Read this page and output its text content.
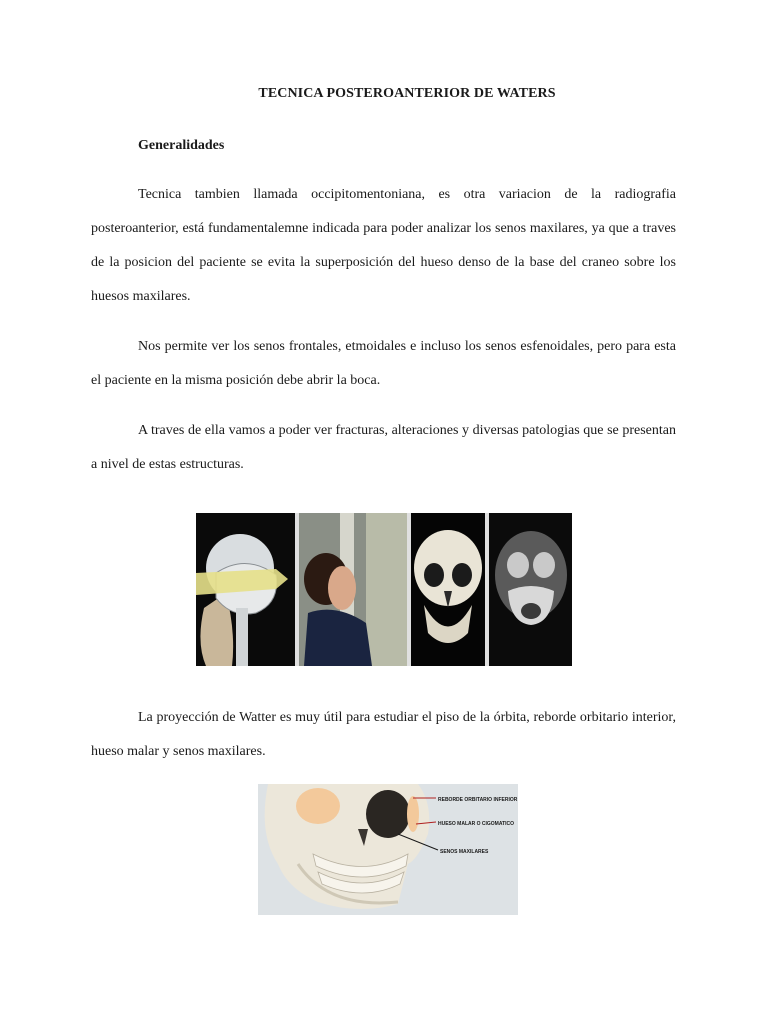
TECNICA POSTEROANTERIOR DE WATERS
Generalidades

Tecnica tambien llamada occipitomentoniana, es otra variacion de la radiografia posteroanterior, está fundamentalemne indicada para poder analizar los senos maxilares, ya que a traves de la posicion del paciente se evita la superposición del hueso denso de la base del craneo sobre los huesos maxilares.

Nos permite ver los senos frontales, etmoidales e incluso los senos esfenoidales, pero para esta el paciente en la misma posición debe abrir la boca.

A traves de ella vamos a poder ver fracturas, alteraciones y diversas patologias que se presentan a nivel de estas estructuras.

La proyección de Watter es muy útil para estudiar el piso de la órbita, reborde orbitario interior, hueso malar y senos maxilares.

REBORDE ORBITARIO INFERIOR
HUESO MALAR O CIGOMATICO
SENOS MAXILARES
